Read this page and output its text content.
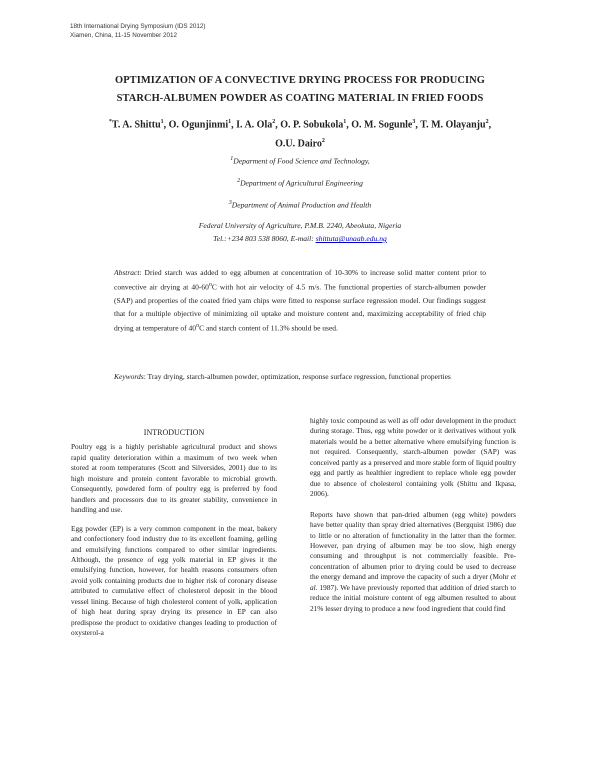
18th International Drying Symposium (IDS 2012)
Xiamen, China, 11-15 November 2012
OPTIMIZATION OF A CONVECTIVE DRYING PROCESS FOR PRODUCING
STARCH-ALBUMEN POWDER AS COATING MATERIAL IN FRIED FOODS
*T. A. Shittu$^1$, O. Ogunjinmi$^1$, I. A. Ola$^2$, O. P. Sobukola$^1$, O. M. Sogunle$^3$, T. M. Olayanju$^2$,
O.U. Dairo$^2$
$^1$Deparment of Food Science and Technology,
$^2$Department of Agricultural Engineering
$^3$Department of Animal Production and Health
Federal University of Agriculture, P.M.B. 2240, Abeokuta, Nigeria
Tel.:+234 803 538 8060, E-mail: shittuta@unaab.edu.ng
Abstract: Dried starch was added to egg albumen at concentration of 10-30% to increase solid matter content prior to convective air drying at 40-60$^o$C with hot air velocity of 4.5 m/s. The functional properties of starch-albumen powder (SAP) and properties of the coated fried yam chips were fitted to response surface regression model. Our findings suggest that for a multiple objective of minimizing oil uptake and moisture content and, maximizing acceptability of fried chip drying at temperature of 40$^o$C and starch content of 11.3% should be used.
Keywords: Tray drying, starch-albumen powder, optimization, response surface regression, functional properties
INTRODUCTION

Poultry egg is a highly perishable agricultural product and shows rapid quality deterioration within a maximum of two week when stored at room temperatures (Scott and Silversides, 2001) due to its high moisture and protein content favorable to microbial growth. Consequently, powdered form of poultry egg is preferred by food handlers and processors due to its greater stability, convenience in handling and use.

Egg powder (EP) is a very common component in the meat, bakery and confectionery food industry due to its excellent foaming, gelling and emulsifying functions compared to other similar ingredients. Although, the presence of egg yolk material in EP gives it the emulsifying function, however, for health reasons consumers often avoid yolk containing products due to higher risk of coronary disease attributed to cumulative effect of cholesterol deposit in the blood vessel lining. Because of high cholesterol content of yolk, application of high heat during spray drying its presence in EP can also predispose the product to oxidative changes leading to production of oxysterol-a

highly toxic compound as well as off odor development in the product during storage. Thus, egg white powder or it derivatives without yolk materials would be a better alternative where emulsifying function is not required. Consequently, starch-albumen powder (SAP) was conceived partly as a preserved and more stable form of liquid poultry egg and partly as healthier ingredient to replace whole egg powder due to absence of cholesterol containing yolk (Shittu and Ikpasa, 2006).

Reports have shown that pan-dried albumen (egg white) powders have better quality than spray dried alternatives (Bergquist 1986) due to little or no alteration of functionality in the latter than the former. However, pan drying of albumen may be too slow, high energy consuming and throughput is not commercially feasible. Pre-concentration of albumen prior to drying could be used to decrease the energy demand and improve the capacity of such a dryer (Mohr et al. 1987). We have previously reported that addition of dried starch to reduce the initial moisture content of egg albumen resulted to about 21% lesser drying to produce a new food ingredient that could find
